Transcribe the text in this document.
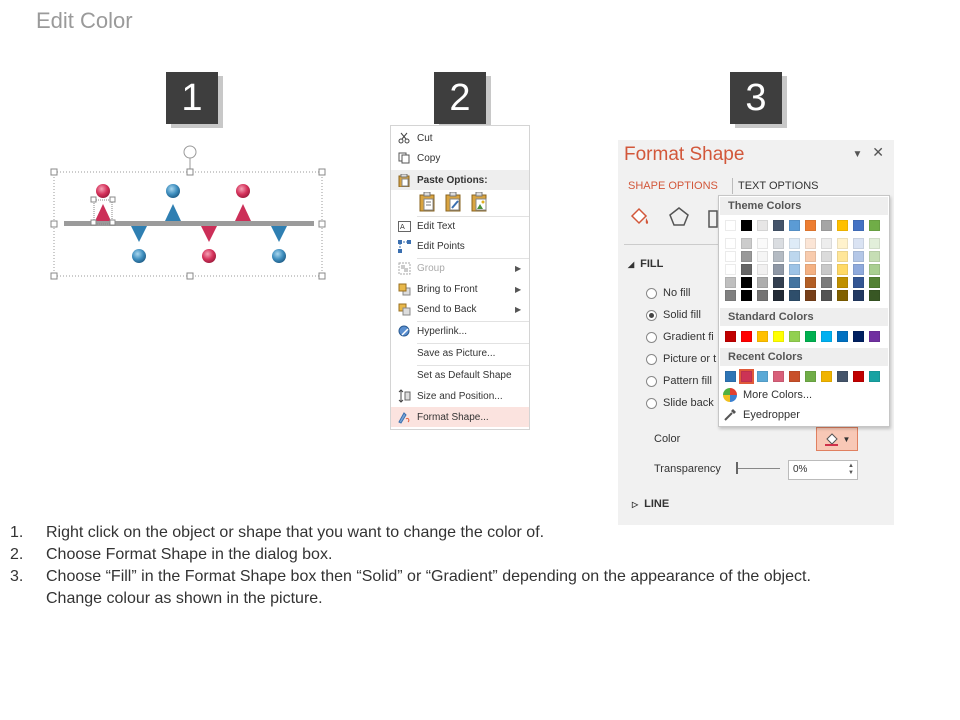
Edit Color
1	2	3
Cut
Copy
Paste Options:
A Edit Text
Edit Points
Group	▶
Bring to Front	▶
Send to Back	▶
Hyperlink...
Save as Picture...
Set as Default Shape
Size and Position...
Format Shape...
Format Shape	▼ ✕
SHAPE OPTIONS TEXT OPTIONS
◢ FILL
No fill
Solid fill
Gradient fi
Picture or t
Pattern fill
Slide back
Color	▼
Transparency	0%	▲
▼
▷ LINE
Theme Colors
Standard Colors
Recent Colors
More Colors...
Eyedropper
1.	Right click on the object or shape that you want to change the color of.
2.	Choose Format Shape in the dialog box.
3.	Choose “Fill” in the Format Shape box then “Solid” or “Gradient” depending on the appearance of the object.
Change colour as shown in the picture.
